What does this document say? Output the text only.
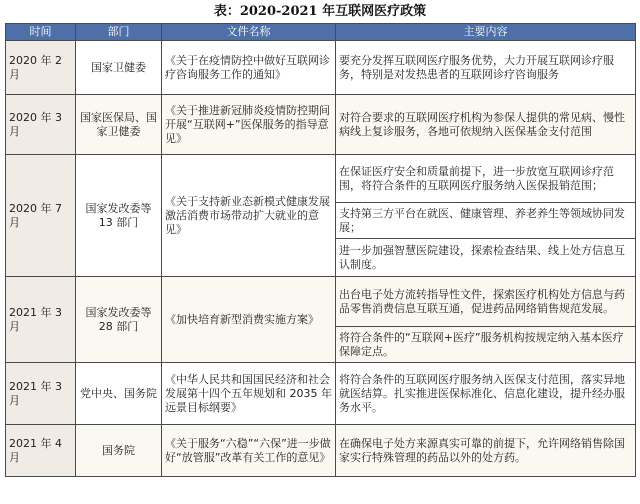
表：2020-2021 年互联网医疗政策
时间	部门	文件名称	主要内容
2020 年 2 月	国家卫健委	《关于在疫情防控中做好互联网诊疗咨询服务工作的通知》	要充分发挥互联网医疗服务优势，大力开展互联网诊疗服务，特别是对发热患者的互联网诊疗咨询服务
2020 年 3 月	国家医保局、国家卫健委	《关于推进新冠肺炎疫情防控期间开展“互联网+”医保服务的指导意见》	对符合要求的互联网医疗机构为参保人提供的常见病、慢性病线上复诊服务，各地可依规纳入医保基金支付范围
2020 年 7 月	国家发改委等 13 部门	《关于支持新业态新模式健康发展激活消费市场带动扩大就业的意见》	在保证医疗安全和质量前提下，进一步放宽互联网诊疗范围，将符合条件的互联网医疗服务纳入医保报销范围；
			支持第三方平台在就医、健康管理、养老养生等领域协同发展；
			进一步加强智慧医院建设，探索检查结果、线上处方信息互认制度。
2021 年 3 月	国家发改委等 28 部门	《加快培育新型消费实施方案》	出台电子处方流转指导性文件，探索医疗机构处方信息与药品零售消费信息互联互通，促进药品网络销售规范发展。
			将符合条件的“互联网+医疗”服务机构按规定纳入基本医疗保障定点。
2021 年 3 月	党中央、国务院	《中华人民共和国国民经济和社会发展第十四个五年规划和 2035 年远景目标纲要》	将符合条件的互联网医疗服务纳入医保支付范围，落实异地就医结算。扎实推进医保标准化、信息化建设，提升经办服务水平。
2021 年 4 月	国务院	《关于服务“六稳”“六保”进一步做好“放管服”改革有关工作的意见》	在确保电子处方来源真实可靠的前提下，允许网络销售除国家实行特殊管理的药品以外的处方药。
